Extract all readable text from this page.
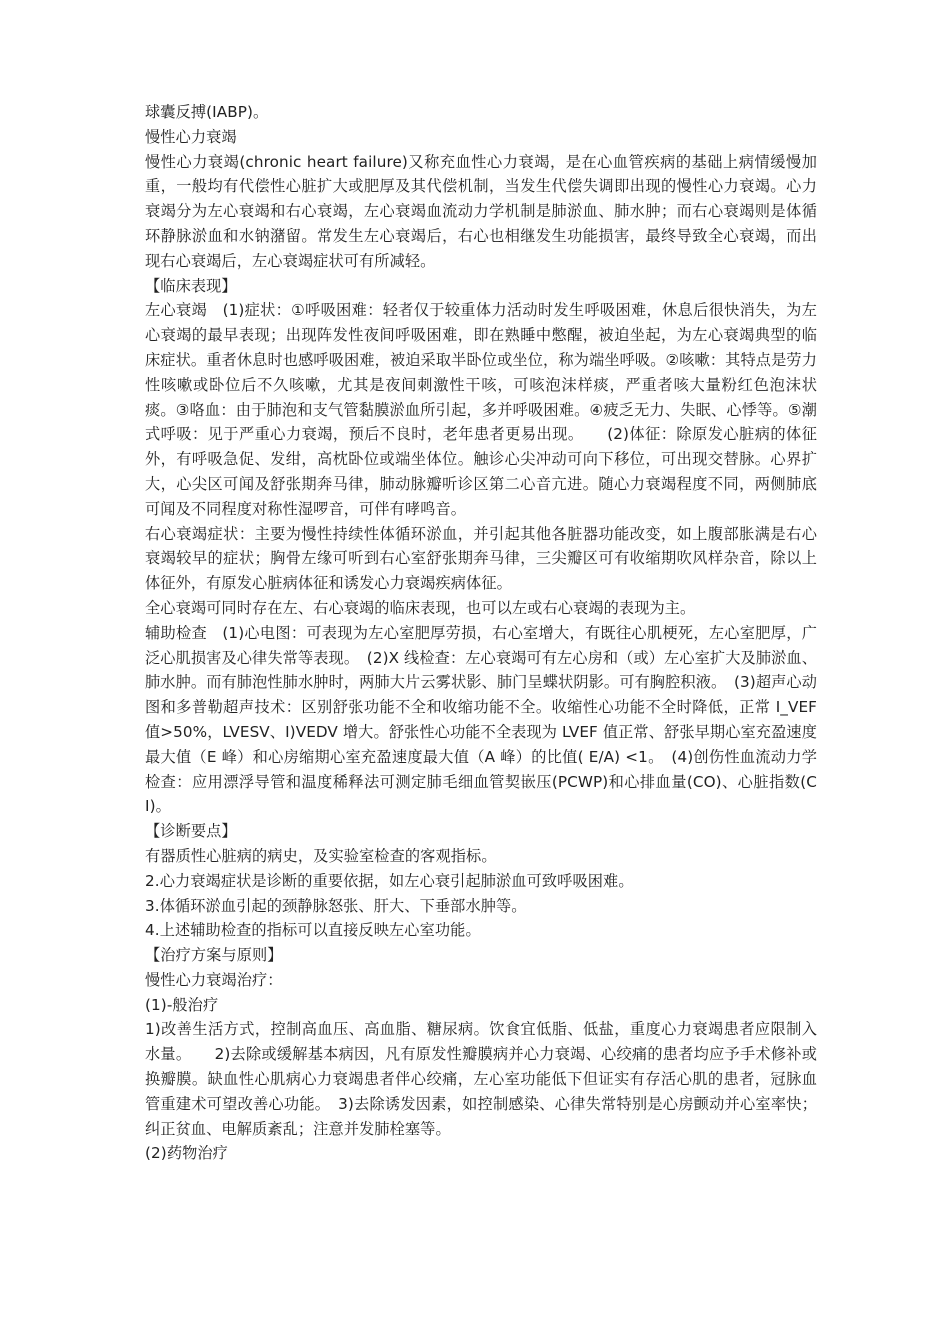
球囊反搏(IABP)。

慢性心力衰竭

慢性心力衰竭(chronic heart failure)又称充血性心力衰竭，是在心血管疾病的基础上病情缓慢加重，一般均有代偿性心脏扩大或肥厚及其代偿机制，当发生代偿失调即出现的慢性心力衰竭。心力衰竭分为左心衰竭和右心衰竭，左心衰竭血流动力学机制是肺淤血、肺水肿；而右心衰竭则是体循环静脉淤血和水钠潴留。常发生左心衰竭后，右心也相继发生功能损害，最终导致全心衰竭，而出现右心衰竭后，左心衰竭症状可有所减轻。

【临床表现】

左心衰竭　(1)症状：①呼吸困难：轻者仅于较重体力活动时发生呼吸困难，休息后很快消失，为左心衰竭的最早表现；出现阵发性夜间呼吸困难，即在熟睡中憋醒，被迫坐起，为左心衰竭典型的临床症状。重者休息时也感呼吸困难，被迫采取半卧位或坐位，称为端坐呼吸。②咳嗽：其特点是劳力性咳嗽或卧位后不久咳嗽，尤其是夜间刺激性干咳，可咳泡沫样痰，严重者咳大量粉红色泡沫状痰。③咯血：由于肺泡和支气管黏膜淤血所引起，多并呼吸困难。④疲乏无力、失眠、心悸等。⑤潮式呼吸：见于严重心力衰竭，预后不良时，老年患者更易出现。　　(2)体征：除原发心脏病的体征外，有呼吸急促、发绀，高枕卧位或端坐体位。触诊心尖冲动可向下移位，可出现交替脉。心界扩大，心尖区可闻及舒张期奔马律，肺动脉瓣听诊区第二心音亢进。随心力衰竭程度不同，两侧肺底可闻及不同程度对称性湿啰音，可伴有哮鸣音。

右心衰竭症状：主要为慢性持续性体循环淤血，并引起其他各脏器功能改变，如上腹部胀满是右心衰竭较早的症状；胸骨左缘可听到右心室舒张期奔马律，三尖瓣区可有收缩期吹风样杂音，除以上体征外，有原发心脏病体征和诱发心力衰竭疾病体征。

全心衰竭可同时存在左、右心衰竭的临床表现，也可以左或右心衰竭的表现为主。

辅助检查　(1)心电图：可表现为左心室肥厚劳损，右心室增大，有既往心肌梗死，左心室肥厚，广泛心肌损害及心律失常等表现。　(2)X 线检查：左心衰竭可有左心房和（或）左心室扩大及肺淤血、肺水肿。而有肺泡性肺水肿时，两肺大片云雾状影、肺门呈蝶状阴影。可有胸腔积液。　(3)超声心动图和多普勒超声技术：区别舒张功能不全和收缩功能不全。收缩性心功能不全时降低，正常 I_VEF 值>50%，LVESV、I)VEDV 增大。舒张性心功能不全表现为 LVEF 值正常、舒张早期心室充盈速度最大值（E 峰）和心房缩期心室充盈速度最大值（A 峰）的比值( E/A) <1。　(4)创伤性血流动力学检查：应用漂浮导管和温度稀释法可测定肺毛细血管契嵌压(PCWP)和心排血量(CO)、心脏指数(CI)。

【诊断要点】

有器质性心脏病的病史，及实验室检查的客观指标。

2.心力衰竭症状是诊断的重要依据，如左心衰引起肺淤血可致呼吸困难。

3.体循环淤血引起的颈静脉怒张、肝大、下垂部水肿等。

4.上述辅助检查的指标可以直接反映左心室功能。

【治疗方案与原则】

慢性心力衰竭治疗：

(1)-般治疗

1)改善生活方式，控制高血压、高血脂、糖尿病。饮食宜低脂、低盐，重度心力衰竭患者应限制入水量。　　2)去除或缓解基本病因，凡有原发性瓣膜病并心力衰竭、心绞痛的患者均应予手术修补或换瓣膜。缺血性心肌病心力衰竭患者伴心绞痛，左心室功能低下但证实有存活心肌的患者，冠脉血管重建术可望改善心功能。　3)去除诱发因素，如控制感染、心律失常特别是心房颤动并心室率快；纠正贫血、电解质紊乱；注意并发肺栓塞等。

(2)药物治疗
